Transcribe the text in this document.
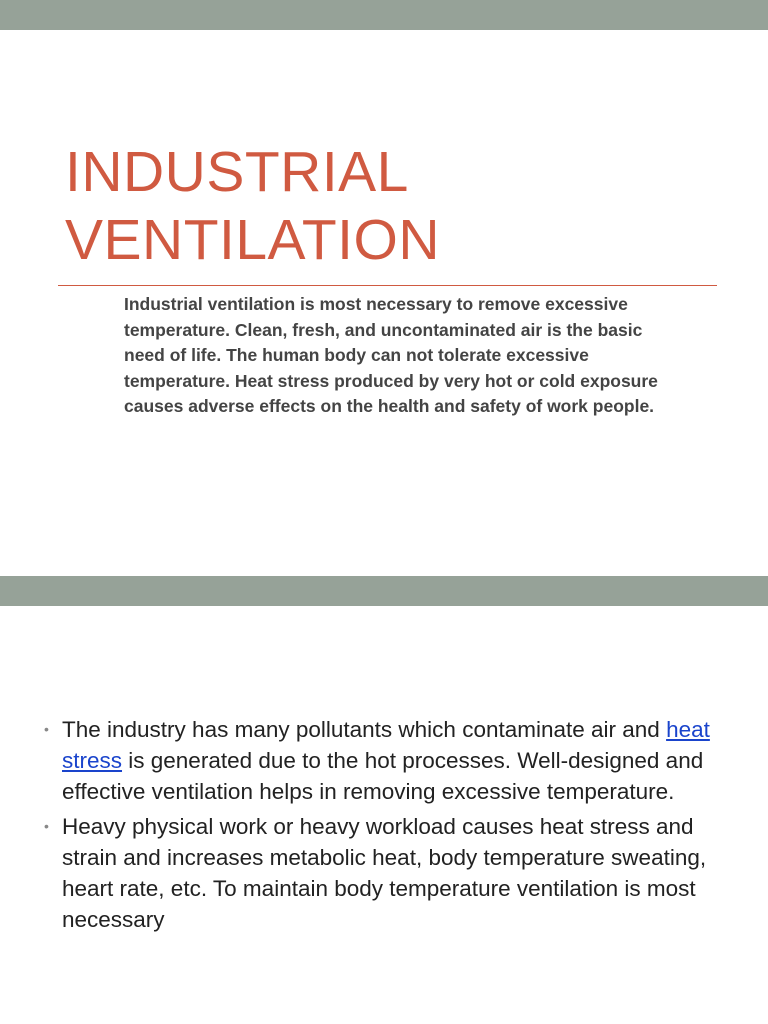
INDUSTRIAL
VENTILATION

Industrial ventilation is most necessary to remove excessive temperature. Clean, fresh, and uncontaminated air is the basic need of life. The human body can not tolerate excessive temperature. Heat stress produced by very hot or cold exposure causes adverse effects on the health and safety of work people.

• The industry has many pollutants which contaminate air and heat stress is generated due to the hot processes. Well-designed and effective ventilation helps in removing excessive temperature.
• Heavy physical work or heavy workload causes heat stress and strain and increases metabolic heat, body temperature sweating, heart rate, etc. To maintain body temperature ventilation is most necessary
